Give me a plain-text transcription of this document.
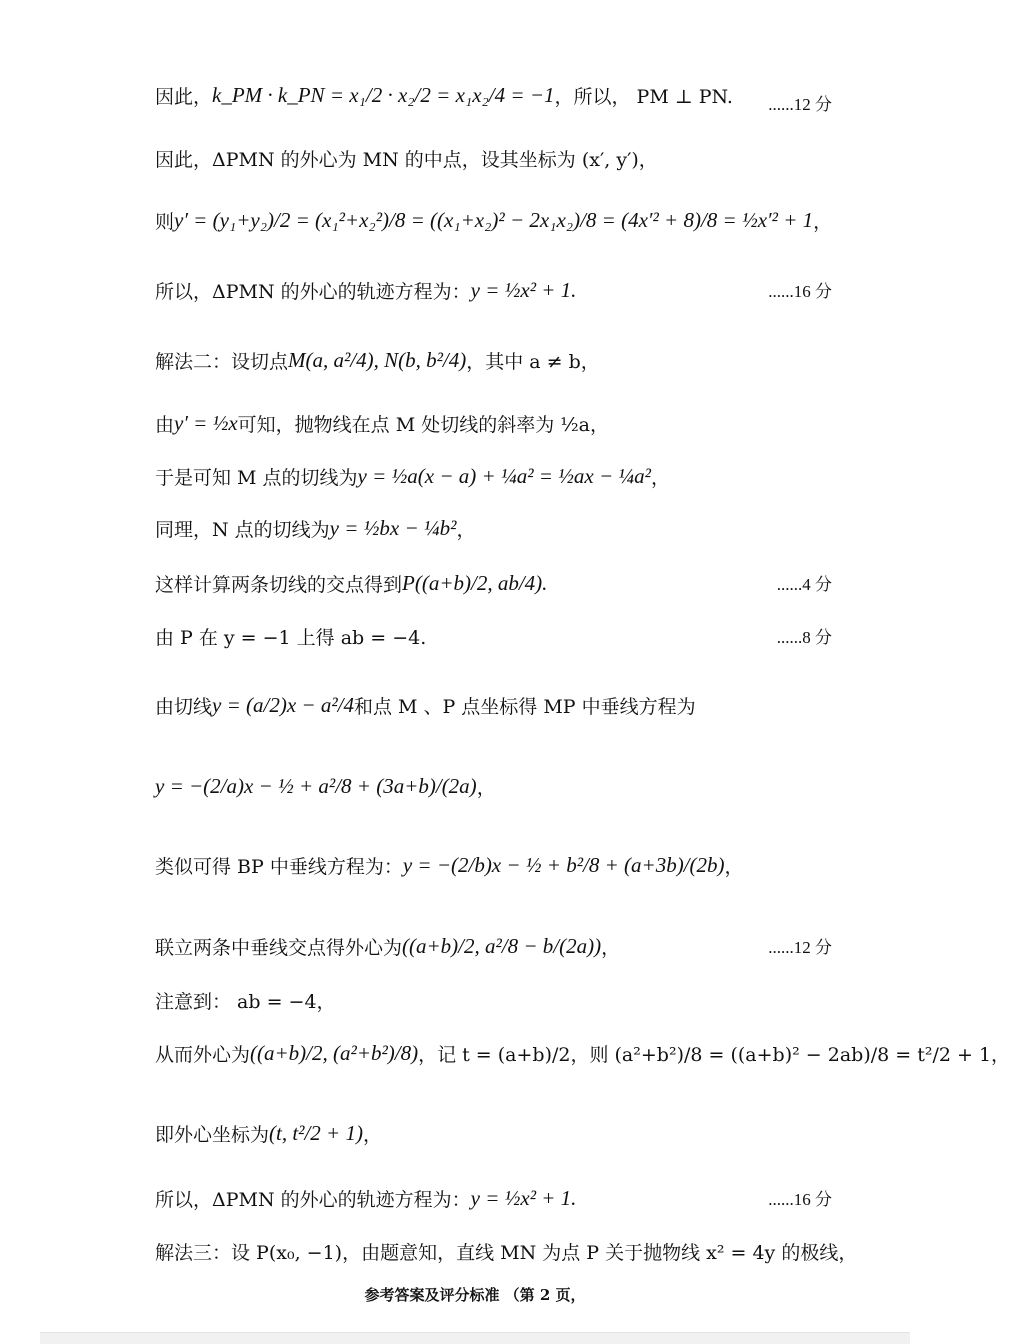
因此， k_PM · k_PN = x₁/2 · x₂/2 = x₁x₂/4 = −1 ，所以， PM ⊥ PN. ......12 分
因此，ΔPMN 的外心为 MN 的中点，设其坐标为 (x′, y′)，
则 y′ = (y₁+y₂)/2 = (x₁²+x₂²)/8 = ((x₁+x₂)² − 2x₁x₂)/8 = (4x′² + 8)/8 = ½x′² + 1 ，
所以，ΔPMN 的外心的轨迹方程为： y = ½x² + 1.	......16 分
解法二：设切点 M(a, a²/4), N(b, b²/4) ，其中 a ≠ b，
由 y′ = ½x 可知，抛物线在点 M 处切线的斜率为 ½a，
于是可知 M 点的切线为 y = ½a(x − a) + ¼a² = ½ax − ¼a² ，
同理，N 点的切线为 y = ½bx − ¼b² ，
这样计算两条切线的交点得到 P((a+b)/2, ab/4).	......4 分
由 P 在 y = −1 上得 ab = −4.	......8 分
由切线 y = (a/2)x − a²/4 和点 M 、P 点坐标得 MP 中垂线方程为
y = −(2/a)x − ½ + a²/8 + (3a+b)/(2a) ，
类似可得 BP 中垂线方程为： y = −(2/b)x − ½ + b²/8 + (a+3b)/(2b) ，
联立两条中垂线交点得外心为 ((a+b)/2, a²/8 − b/(2a)) ，	......12 分
注意到： ab = −4，
从而外心为 ((a+b)/2, (a²+b²)/8) ，记 t = (a+b)/2，则 (a²+b²)/8 = ((a+b)² − 2ab)/8 = t²/2 + 1，
即外心坐标为 (t, t²/2 + 1) ，
所以，ΔPMN 的外心的轨迹方程为： y = ½x² + 1.	......16 分
解法三：设 P(x₀, −1)，由题意知，直线 MN 为点 P 关于抛物线 x² = 4y 的极线，
参考答案及评分标准 （第 2 页，
